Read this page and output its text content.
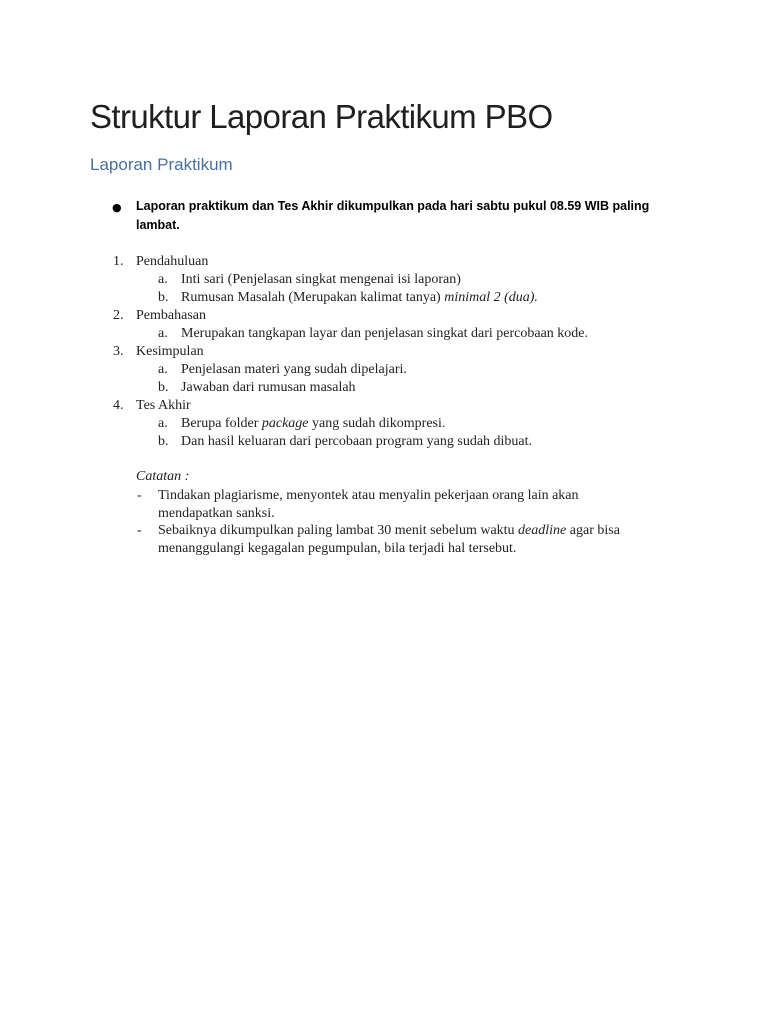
Struktur Laporan Praktikum PBO
Laporan Praktikum
● Laporan praktikum dan Tes Akhir dikumpulkan pada hari sabtu pukul 08.59 WIB paling lambat.
1. Pendahuluan
a. Inti sari (Penjelasan singkat mengenai isi laporan)
b. Rumusan Masalah (Merupakan kalimat tanya) minimal 2 (dua).
2. Pembahasan
a. Merupakan tangkapan layar dan penjelasan singkat dari percobaan kode.
3. Kesimpulan
a. Penjelasan materi yang sudah dipelajari.
b. Jawaban dari rumusan masalah
4. Tes Akhir
a. Berupa folder package yang sudah dikompresi.
b. Dan hasil keluaran dari percobaan program yang sudah dibuat.
Catatan :
- Tindakan plagiarisme, menyontek atau menyalin pekerjaan orang lain akan
mendapatkan sanksi.
- Sebaiknya dikumpulkan paling lambat 30 menit sebelum waktu deadline agar bisa
menanggulangi kegagalan pegumpulan, bila terjadi hal tersebut.
